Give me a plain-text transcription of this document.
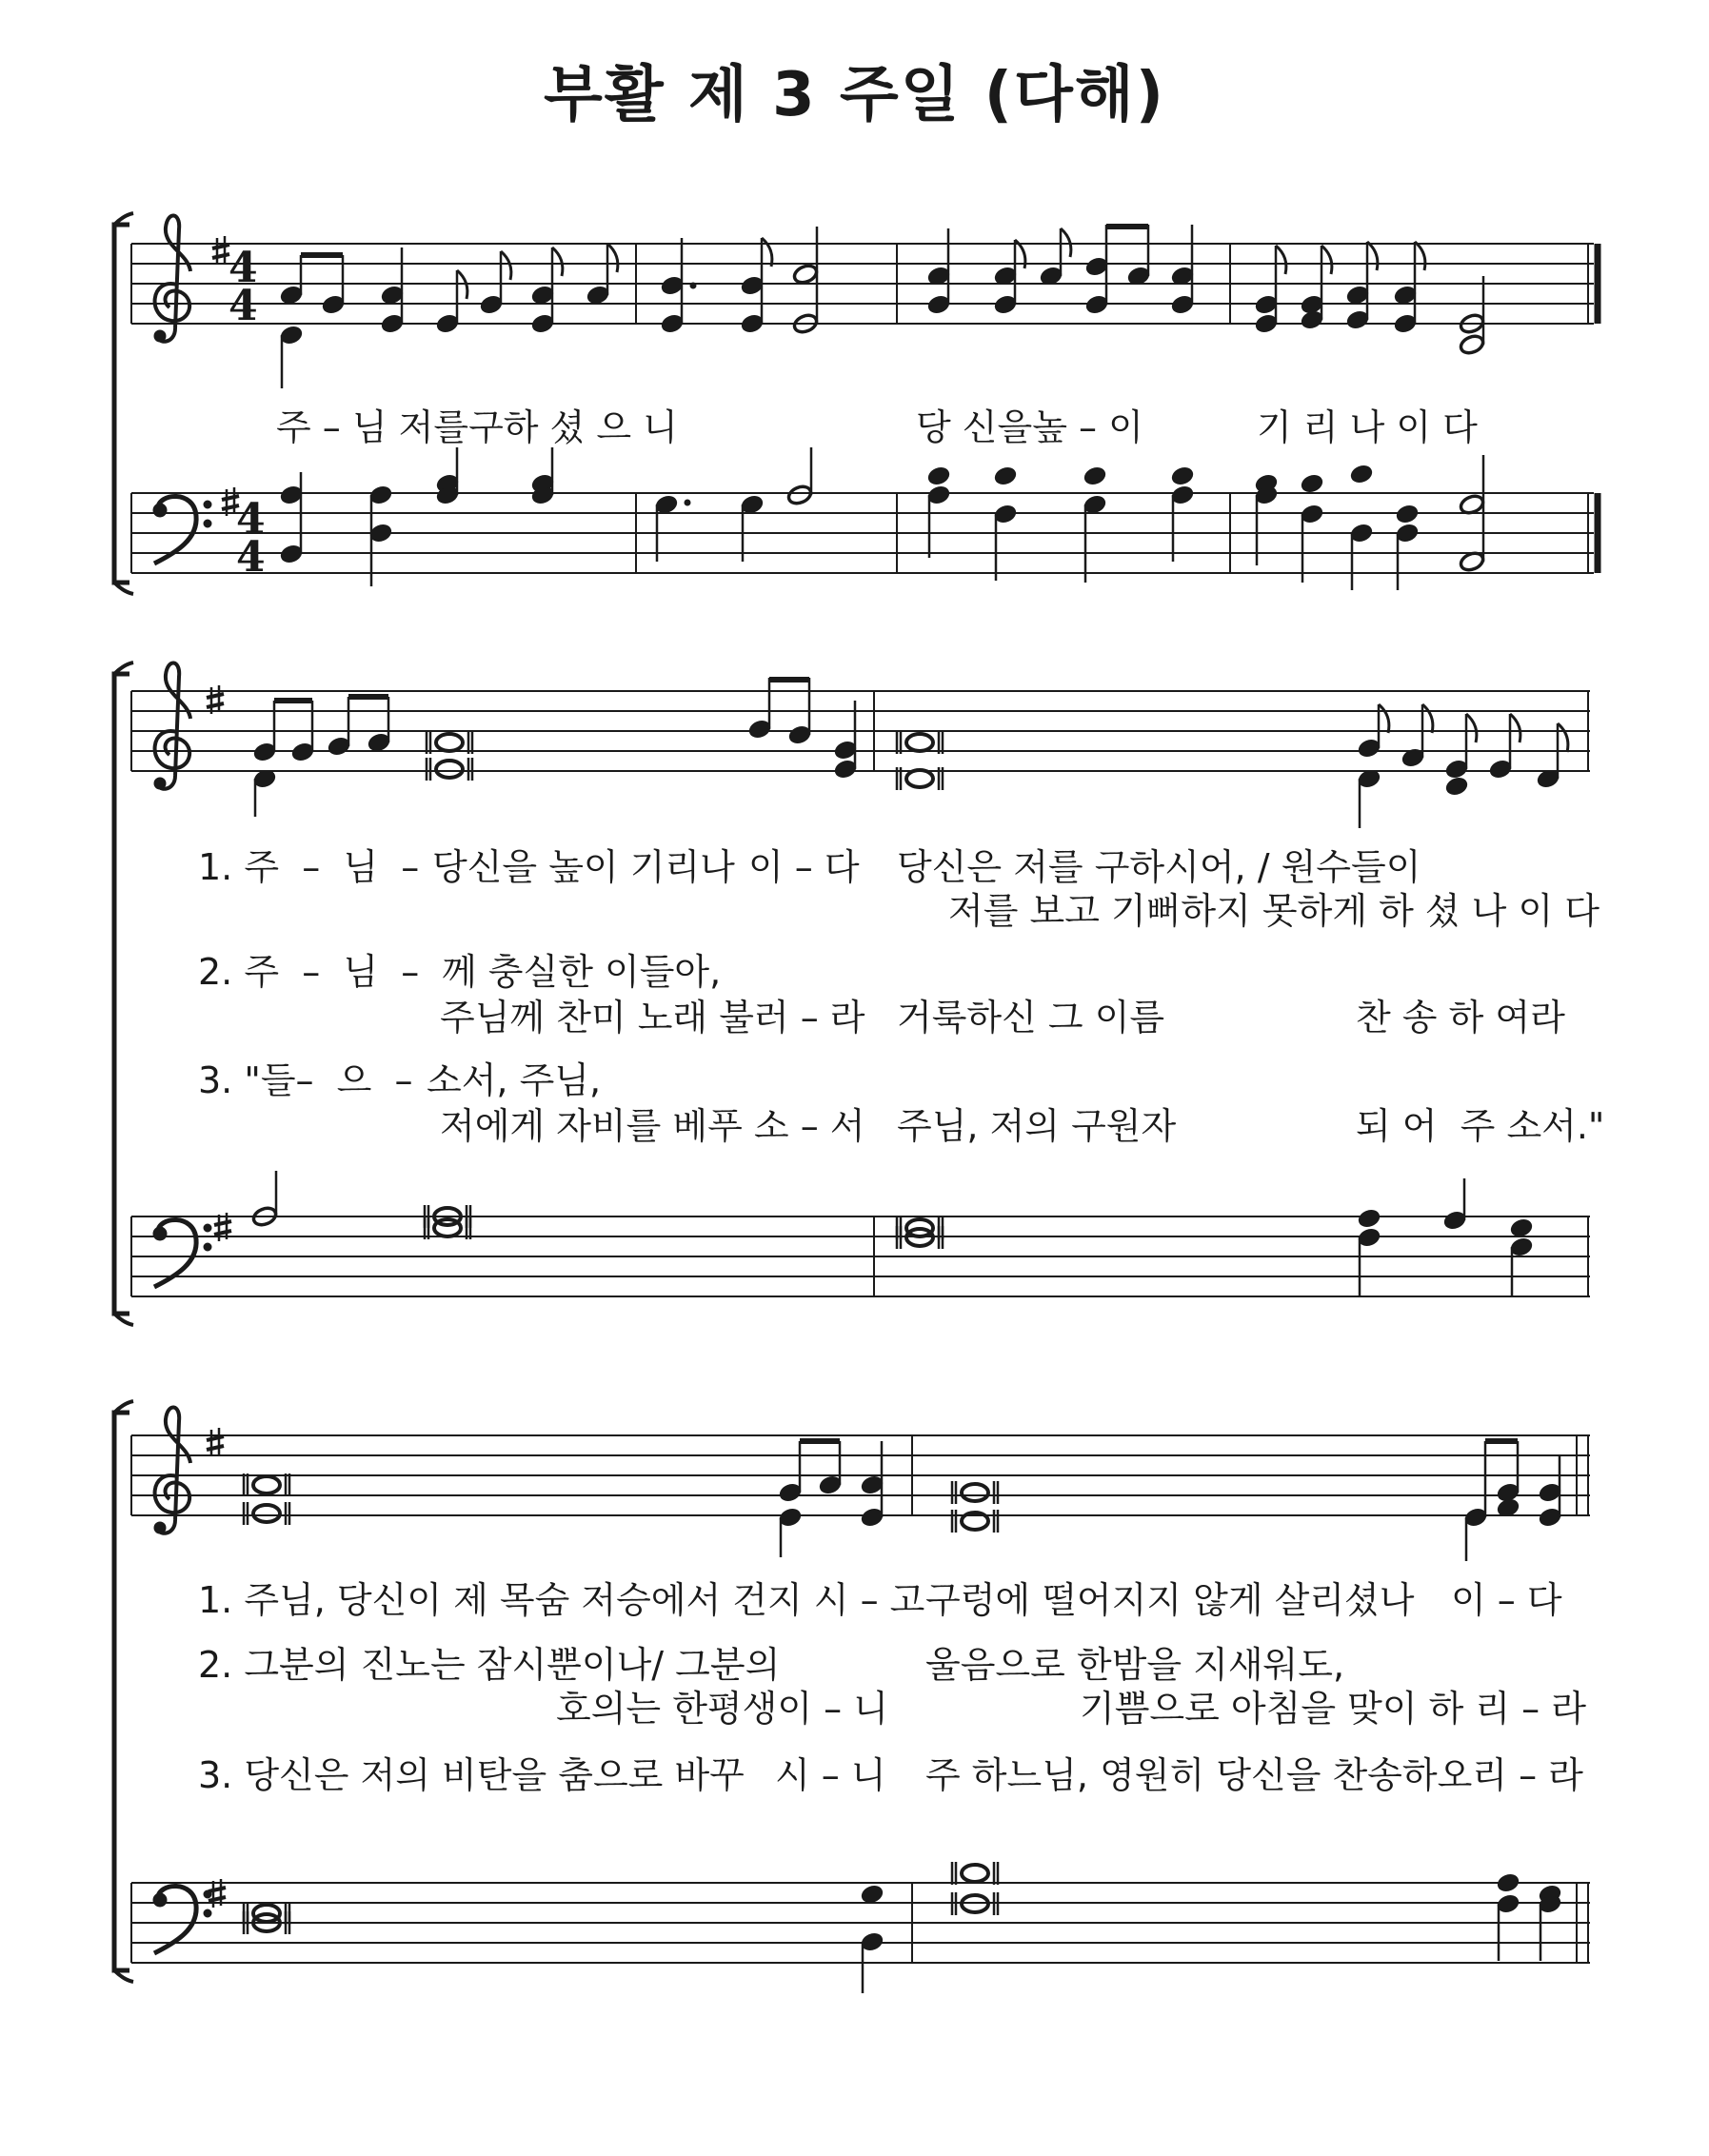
부활 제 3 주일 (다해)
4
4
4
4
주 – 님 저를구하 셨 으 니	당 신을높 – 이	기 리 나 이 다
1. 주  –  님  – 당신을 높이 기리나 이 – 다 당신은 저를 구하시어, / 원수들이
저를 보고 기뻐하지 못하게 하 셨 나 이 다
2. 주  –  님  – 께 충실한 이들아,
주님께 찬미 노래 불러 – 라 거룩하신 그 이름	찬 송 하 여라
3. "들–  으  – 소서, 주님,
저에게 자비를 베푸 소 – 서 주님, 저의 구원자	되 어  주 소서."
1. 주님, 당신이 제 목숨 저승에서 건지 시 – 고 구렁에 떨어지지 않게 살리셨나 이 – 다
2. 그분의 진노는 잠시뿐이나/ 그분의	울음으로 한밤을 지새워도,
호의는 한평생이 – 니	기쁨으로 아침을 맞이 하 리 – 라
3. 당신은 저의 비탄을 춤으로 바꾸 시 – 니 주 하느님, 영원히 당신을 찬송하오리 – 라
